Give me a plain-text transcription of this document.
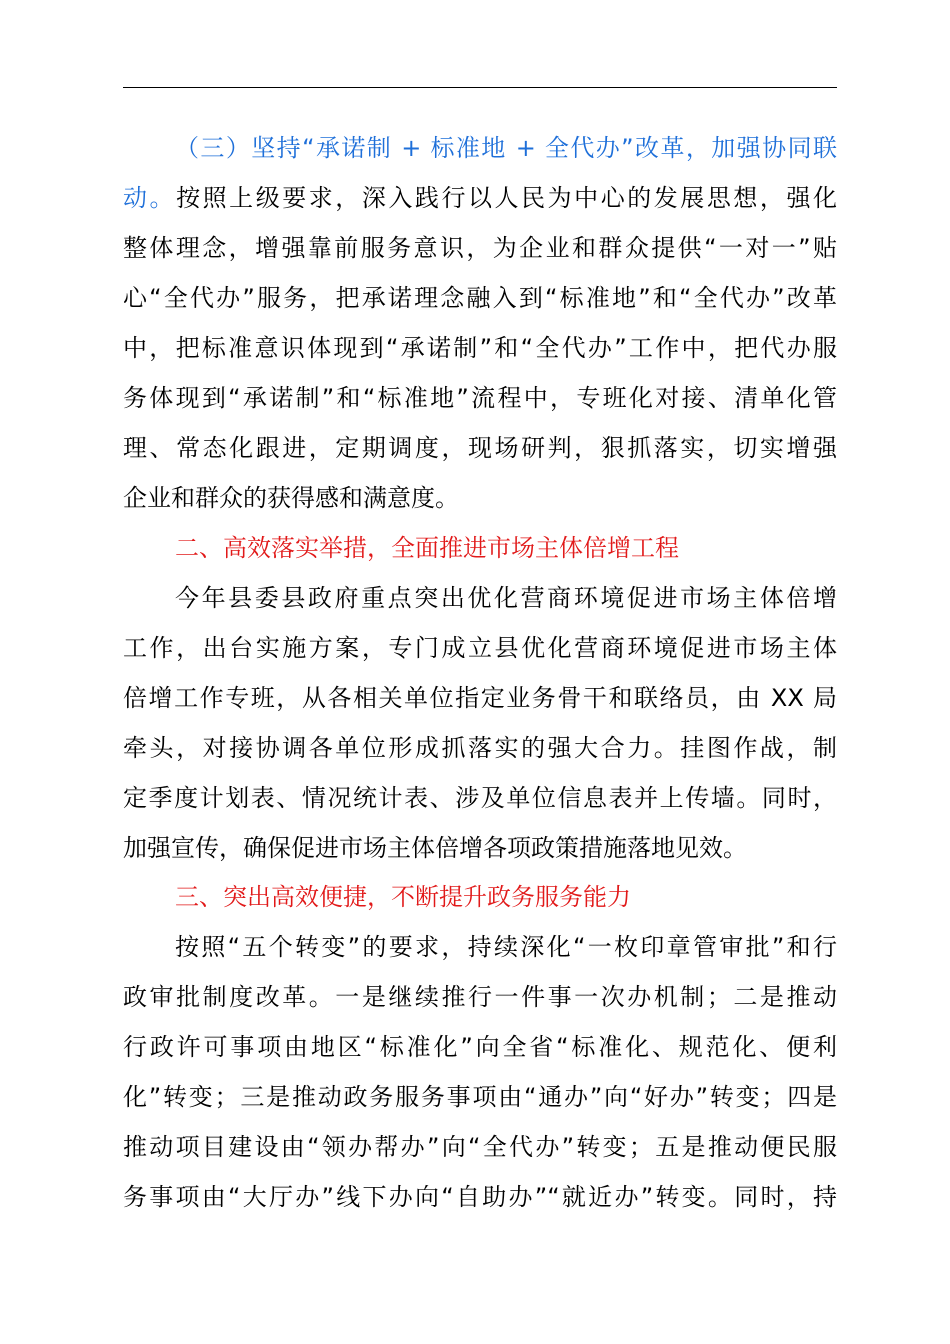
（三）坚持“承诺制 + 标准地 + 全代办”改革，加强协同联
动。按照上级要求，深入践行以人民为中心的发展思想，强化
整体理念，增强靠前服务意识，为企业和群众提供“一对一”贴
心“全代办”服务，把承诺理念融入到“标准地”和“全代办”改革
中，把标准意识体现到“承诺制”和“全代办”工作中，把代办服
务体现到“承诺制”和“标准地”流程中，专班化对接、清单化管
理、常态化跟进，定期调度，现场研判，狠抓落实，切实增强
企业和群众的获得感和满意度。
二、高效落实举措，全面推进市场主体倍增工程
今年县委县政府重点突出优化营商环境促进市场主体倍增
工作，出台实施方案，专门成立县优化营商环境促进市场主体
倍增工作专班，从各相关单位指定业务骨干和联络员，由 XX 局
牵头，对接协调各单位形成抓落实的强大合力。挂图作战，制
定季度计划表、情况统计表、涉及单位信息表并上传墙。同时，
加强宣传，确保促进市场主体倍增各项政策措施落地见效。
三、突出高效便捷，不断提升政务服务能力
按照“五个转变”的要求，持续深化“一枚印章管审批”和行
政审批制度改革。一是继续推行一件事一次办机制；二是推动
行政许可事项由地区“标准化”向全省“标准化、规范化、便利
化”转变；三是推动政务服务事项由“通办”向“好办”转变；四是
推动项目建设由“领办帮办”向“全代办”转变；五是推动便民服
务事项由“大厅办”线下办向“自助办”“就近办”转变。同时，持
